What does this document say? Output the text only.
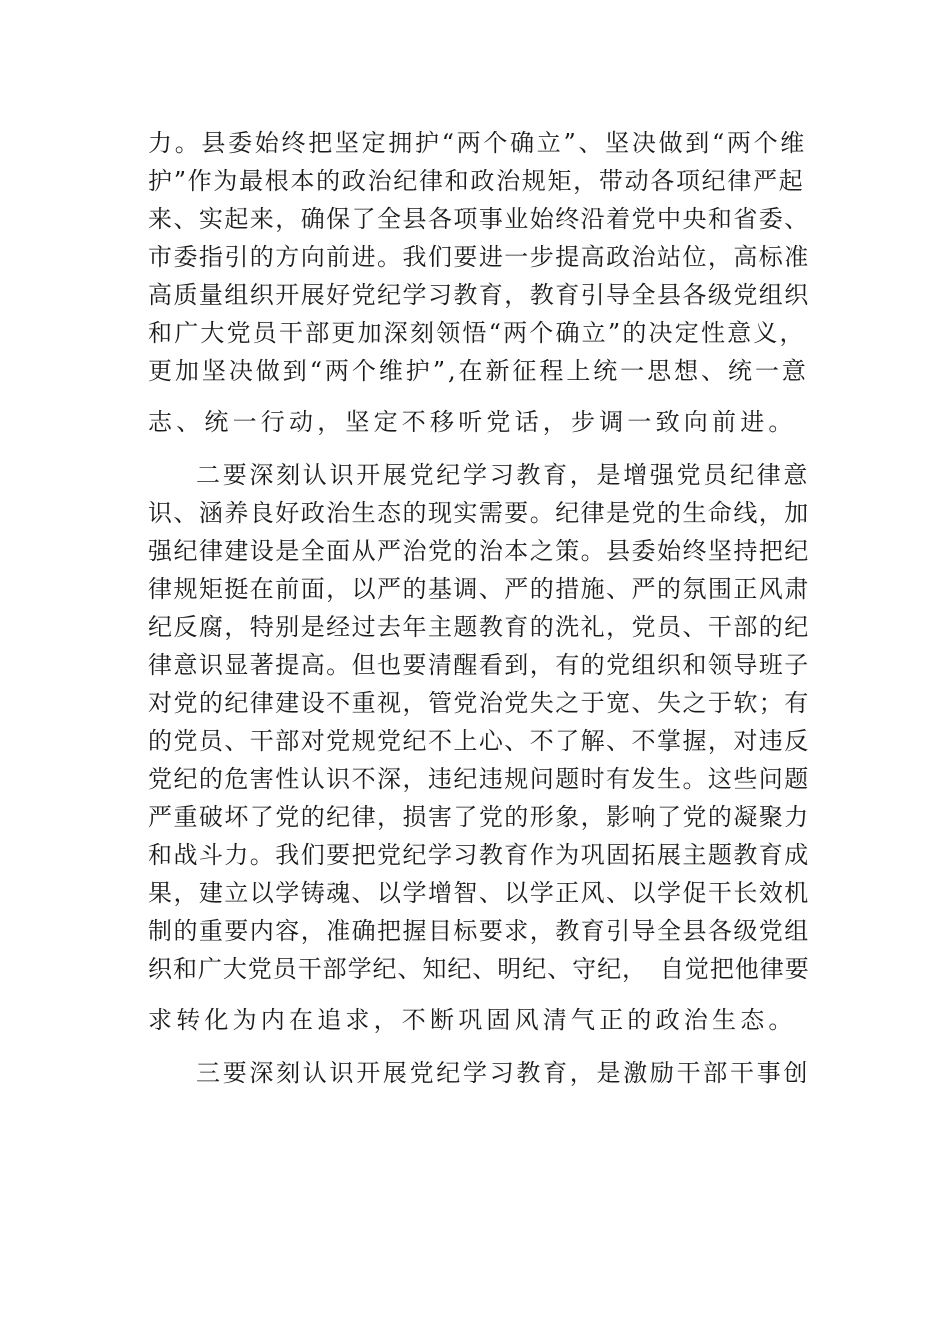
力。县委始终把坚定拥护“两个确立”、坚决做到“两个维
护”作为最根本的政治纪律和政治规矩，带动各项纪律严起
来、实起来，确保了全县各项事业始终沿着党中央和省委、
市委指引的方向前进。我们要进一步提高政治站位，高标准
高质量组织开展好党纪学习教育，教育引导全县各级党组织
和广大党员干部更加深刻领悟“两个确立”的决定性意义，
更加坚决做到“两个维护”,在新征程上统一思想、统一意
志、统一行动，坚定不移听党话，步调一致向前进。
二要深刻认识开展党纪学习教育，是增强党员纪律意
识、涵养良好政治生态的现实需要。纪律是党的生命线，加
强纪律建设是全面从严治党的治本之策。县委始终坚持把纪
律规矩挺在前面，以严的基调、严的措施、严的氛围正风肃
纪反腐，特别是经过去年主题教育的洗礼，党员、干部的纪
律意识显著提高。但也要清醒看到，有的党组织和领导班子
对党的纪律建设不重视，管党治党失之于宽、失之于软；有
的党员、干部对党规党纪不上心、不了解、不掌握，对违反
党纪的危害性认识不深，违纪违规问题时有发生。这些问题
严重破坏了党的纪律，损害了党的形象，影响了党的凝聚力
和战斗力。我们要把党纪学习教育作为巩固拓展主题教育成
果，建立以学铸魂、以学增智、以学正风、以学促干长效机
制的重要内容，准确把握目标要求，教育引导全县各级党组
织和广大党员干部学纪、知纪、明纪、守纪，　自觉把他律要
求转化为内在追求，不断巩固风清气正的政治生态。
三要深刻认识开展党纪学习教育，是激励干部干事创
